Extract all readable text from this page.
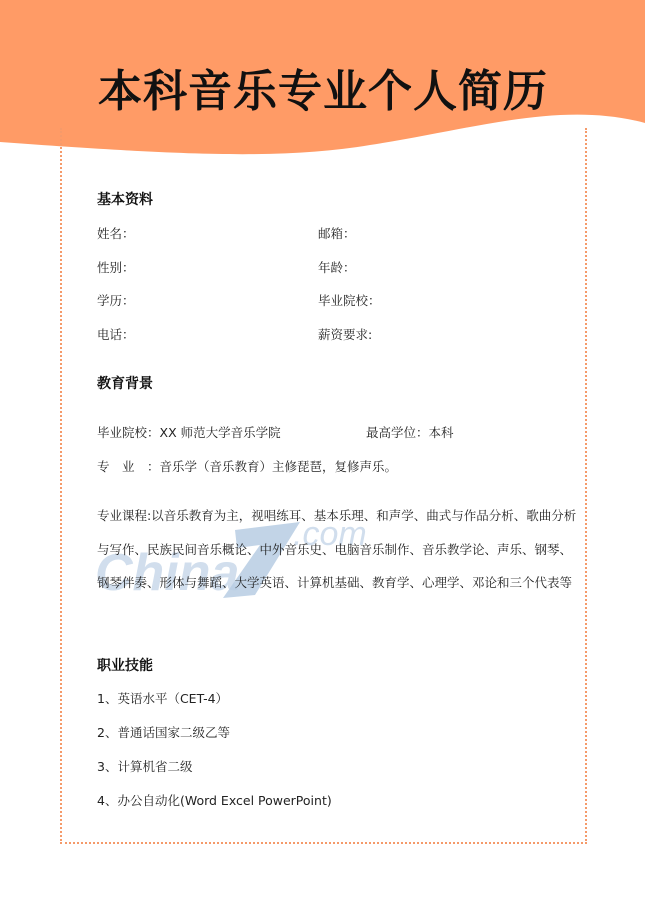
本科音乐专业个人简历
China
.com
基本资料
姓名：	邮箱：
性别：	年龄：
学历：	毕业院校：
电话：	薪资要求:
教育背景
毕业院校：XX 师范大学音乐学院	最高学位：本科
专　业　：音乐学（音乐教育）主修琵琶，复修声乐。
专业课程:以音乐教育为主，视唱练耳、基本乐理、和声学、曲式与作品分析、歌曲分析
与写作、民族民间音乐概论、中外音乐史、电脑音乐制作、音乐教学论、声乐、钢琴、
钢琴伴奏、形体与舞蹈、大学英语、计算机基础、教育学、心理学、邓论和三个代表等
职业技能
1、英语水平（CET-4）
2、普通话国家二级乙等
3、计算机省二级
4、办公自动化(Word Excel PowerPoint)
